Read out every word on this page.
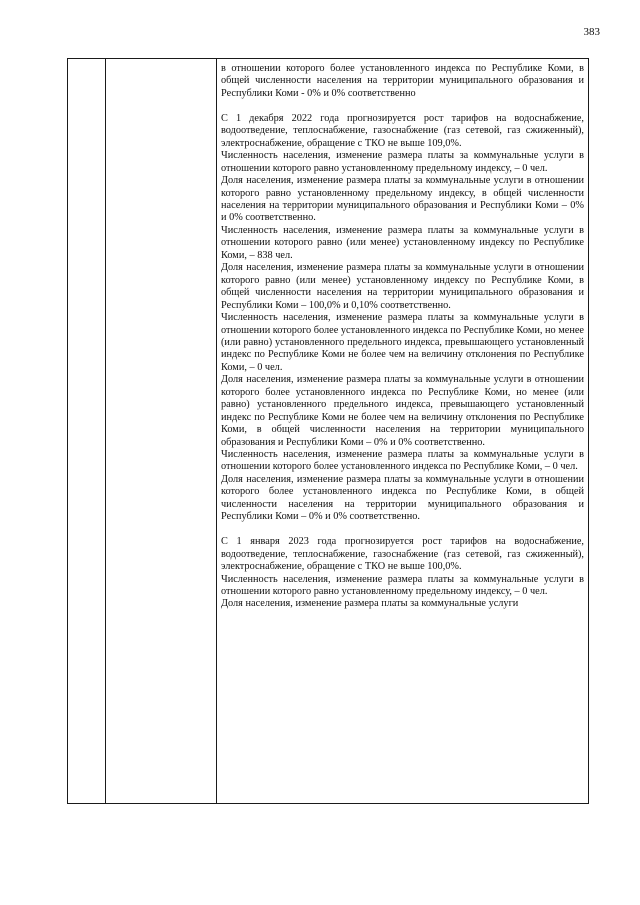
383

в отношении которого более установленного индекса по Республике Коми, в общей численности населения на территории муниципального образования и Республики Коми - 0% и 0% соответственно

С 1 декабря 2022 года прогнозируется рост тарифов на водоснабжение, водоотведение, теплоснабжение, газоснабжение (газ сетевой, газ сжиженный), электроснабжение, обращение с ТКО не выше 109,0%.

Численность населения, изменение размера платы за коммунальные услуги в отношении которого равно установленному предельному индексу, – 0 чел.

Доля населения, изменение размера платы за коммунальные услуги в отношении которого равно установленному предельному индексу, в общей численности населения на территории муниципального образования и Республики Коми – 0% и 0% соответственно.

Численность населения, изменение размера платы за коммунальные услуги в отношении которого равно (или менее) установленному индексу по Республике Коми, – 838 чел.

Доля населения, изменение размера платы за коммунальные услуги в отношении которого равно (или менее) установленному индексу по Республике Коми, в общей численности населения на территории муниципального образования и Республики Коми – 100,0% и 0,10% соответственно.

Численность населения, изменение размера платы за коммунальные услуги в отношении которого более установленного индекса по Республике Коми, но менее (или равно) установленного предельного индекса, превышающего установленный индекс по Республике Коми не более чем на величину отклонения по Республике Коми, – 0 чел.

Доля населения, изменение размера платы за коммунальные услуги в отношении которого более установленного индекса по Республике Коми, но менее (или равно) установленного предельного индекса, превышающего установленный индекс по Республике Коми не более чем на величину отклонения по Республике Коми, в общей численности населения на территории муниципального образования и Республики Коми – 0% и 0% соответственно.

Численность населения, изменение размера платы за коммунальные услуги в отношении которого более установленного индекса по Республике Коми, – 0 чел.

Доля населения, изменение размера платы за коммунальные услуги в отношении которого более установленного индекса по Республике Коми, в общей численности населения на территории муниципального образования и Республики Коми – 0% и 0% соответственно.

С 1 января 2023 года прогнозируется рост тарифов на водоснабжение, водоотведение, теплоснабжение, газоснабжение (газ сетевой, газ сжиженный), электроснабжение, обращение с ТКО не выше 100,0%.

Численность населения, изменение размера платы за коммунальные услуги в отношении которого равно установленному предельному индексу, – 0 чел.

Доля населения, изменение размера платы за коммунальные услуги
